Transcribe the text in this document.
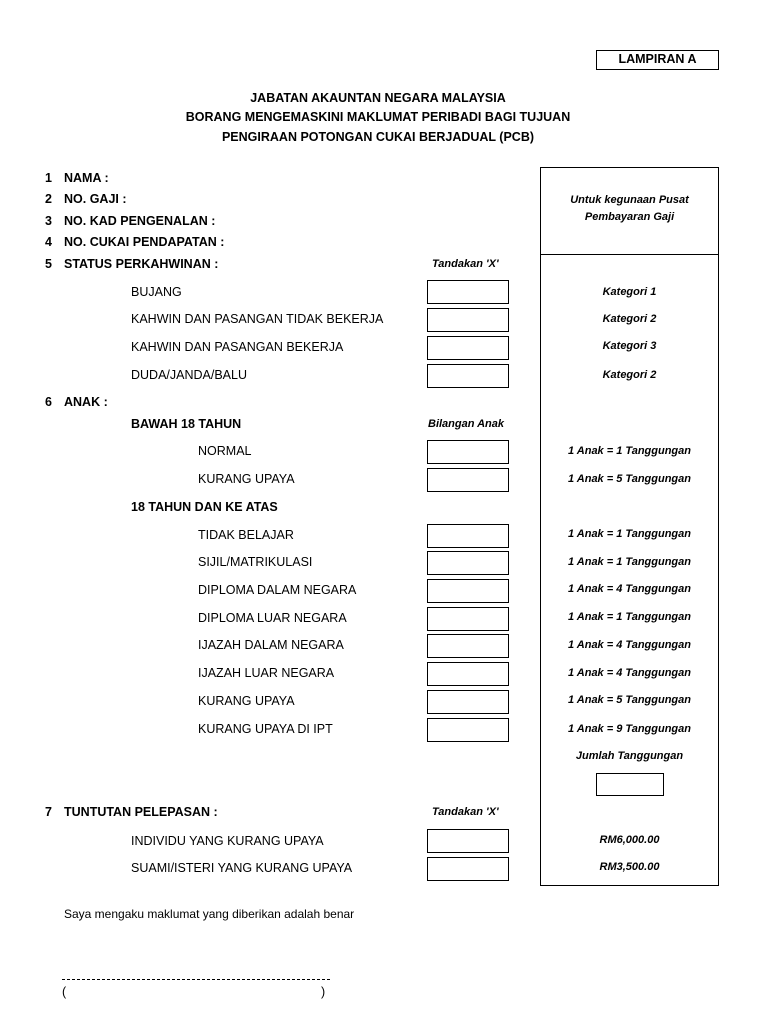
LAMPIRAN A
JABATAN AKAUNTAN NEGARA MALAYSIA
BORANG MENGEMASKINI MAKLUMAT PERIBADI BAGI TUJUAN
PENGIRAAN POTONGAN CUKAI BERJADUAL (PCB)
1 NAMA :
2 NO. GAJI :
3 NO. KAD PENGENALAN :
4 NO. CUKAI PENDAPATAN :
5 STATUS PERKAHWINAN :
Untuk kegunaan Pusat
Pembayaran Gaji
Tandakan 'X'
BUJANG	Kategori 1
KAHWIN DAN PASANGAN TIDAK BEKERJA	Kategori 2
KAHWIN DAN PASANGAN BEKERJA	Kategori 3
DUDA/JANDA/BALU	Kategori 2
6 ANAK :
BAWAH 18 TAHUN	Bilangan Anak
NORMAL	1 Anak = 1 Tanggungan
KURANG UPAYA	1 Anak = 5 Tanggungan
18 TAHUN DAN KE ATAS
TIDAK BELAJAR	1 Anak = 1 Tanggungan
SIJIL/MATRIKULASI	1 Anak = 1 Tanggungan
DIPLOMA DALAM NEGARA	1 Anak = 4 Tanggungan
DIPLOMA LUAR NEGARA	1 Anak = 1 Tanggungan
IJAZAH DALAM NEGARA	1 Anak = 4 Tanggungan
IJAZAH LUAR NEGARA	1 Anak = 4 Tanggungan
KURANG UPAYA	1 Anak = 5 Tanggungan
KURANG UPAYA DI IPT	1 Anak = 9 Tanggungan
Jumlah Tanggungan
7 TUNTUTAN PELEPASAN :	Tandakan 'X'
INDIVIDU YANG KURANG UPAYA	RM6,000.00
SUAMI/ISTERI YANG KURANG UPAYA	RM3,500.00
Saya mengaku maklumat yang diberikan adalah benar
(	)
